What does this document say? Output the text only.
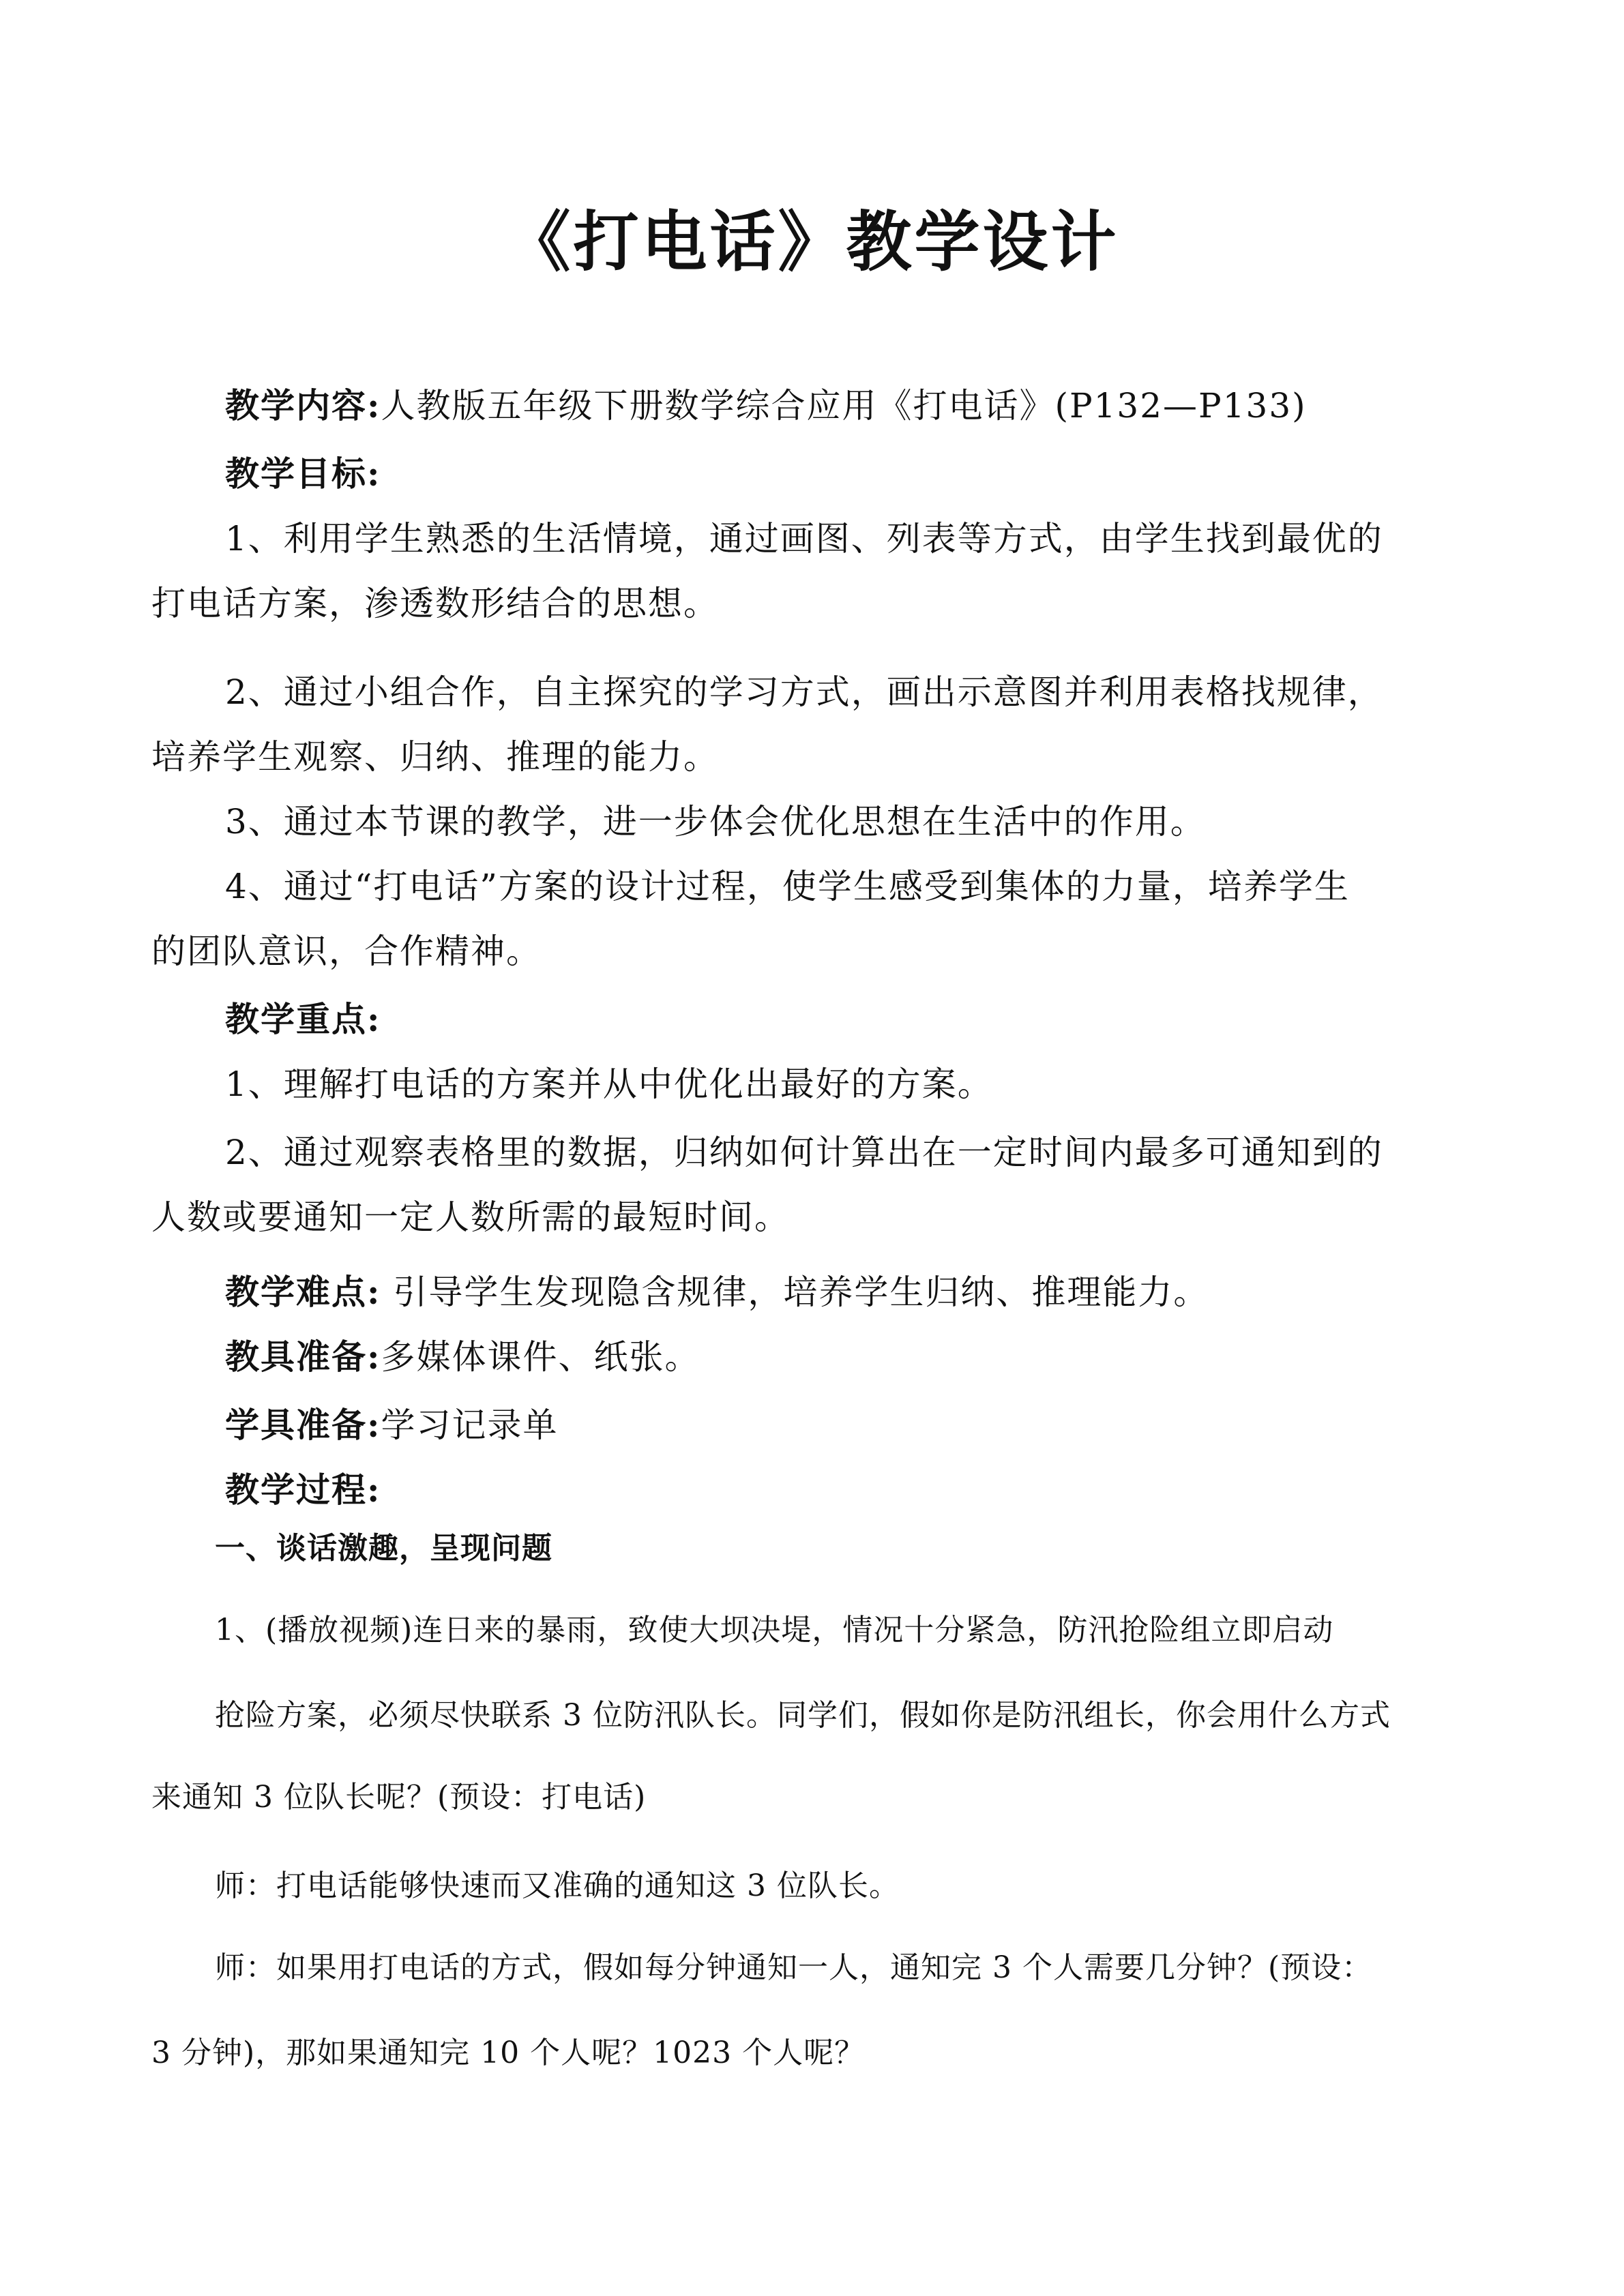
《打电话》教学设计
教学内容:人教版五年级下册数学综合应用《打电话》(P132—P133)
教学目标:
1、利用学生熟悉的生活情境，通过画图、列表等方式，由学生找到最优的
打电话方案，渗透数形结合的思想。
2、通过小组合作，自主探究的学习方式，画出示意图并利用表格找规律，
培养学生观察、归纳、推理的能力。
3、通过本节课的教学，进一步体会优化思想在生活中的作用。
4、通过“打电话”方案的设计过程，使学生感受到集体的力量，培养学生
的团队意识，合作精神。
教学重点:
1、理解打电话的方案并从中优化出最好的方案。
2、通过观察表格里的数据，归纳如何计算出在一定时间内最多可通知到的
人数或要通知一定人数所需的最短时间。
教学难点: 引导学生发现隐含规律，培养学生归纳、推理能力。
教具准备:多媒体课件、纸张。
学具准备:学习记录单
教学过程:
一、谈话激趣，呈现问题
1、(播放视频)连日来的暴雨，致使大坝决堤，情况十分紧急，防汛抢险组立即启动
抢险方案，必须尽快联系 3 位防汛队长。同学们，假如你是防汛组长，你会用什么方式
来通知 3 位队长呢？(预设：打电话)
师：打电话能够快速而又准确的通知这 3 位队长。
师：如果用打电话的方式，假如每分钟通知一人，通知完 3 个人需要几分钟？(预设：
3 分钟)，那如果通知完 10 个人呢？1023 个人呢？
